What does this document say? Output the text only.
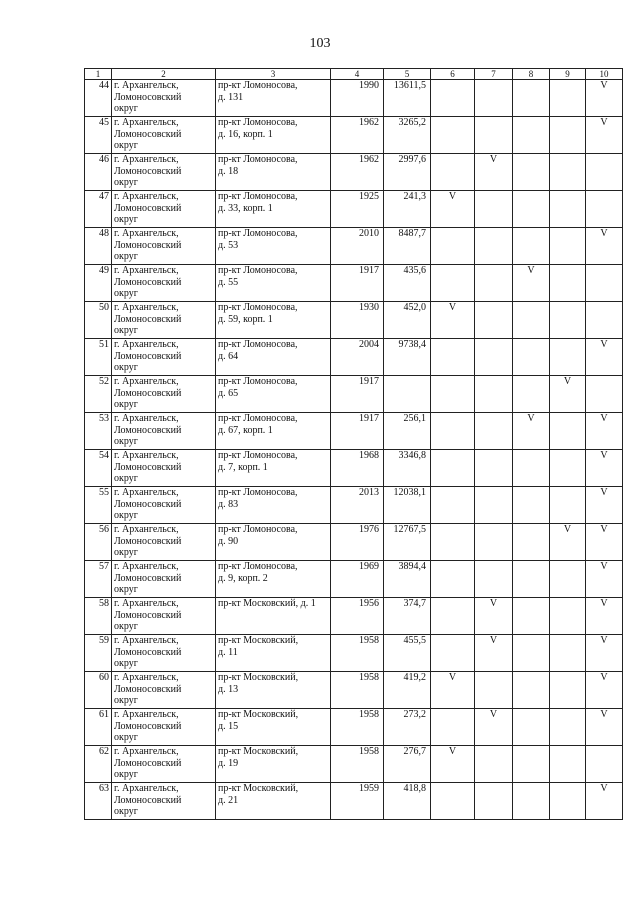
103
1	2	3	4	5	6	7	8	9	10
44	г. Архангельск,
Ломоносовский
округ	пр-кт Ломоносова,
д. 131	1990	13611,5					V
45	г. Архангельск,
Ломоносовский
округ	пр-кт Ломоносова,
д. 16, корп. 1	1962	3265,2					V
46	г. Архангельск,
Ломоносовский
округ	пр-кт Ломоносова,
д. 18	1962	2997,6		V			
47	г. Архангельск,
Ломоносовский
округ	пр-кт Ломоносова,
д. 33, корп. 1	1925	241,3	V				
48	г. Архангельск,
Ломоносовский
округ	пр-кт Ломоносова,
д. 53	2010	8487,7					V
49	г. Архангельск,
Ломоносовский
округ	пр-кт Ломоносова,
д. 55	1917	435,6			V		
50	г. Архангельск,
Ломоносовский
округ	пр-кт Ломоносова,
д. 59, корп. 1	1930	452,0	V				
51	г. Архангельск,
Ломоносовский
округ	пр-кт Ломоносова,
д. 64	2004	9738,4					V
52	г. Архангельск,
Ломоносовский
округ	пр-кт Ломоносова,
д. 65	1917					V	
53	г. Архангельск,
Ломоносовский
округ	пр-кт Ломоносова,
д. 67, корп. 1	1917	256,1			V		V
54	г. Архангельск,
Ломоносовский
округ	пр-кт Ломоносова,
д. 7, корп. 1	1968	3346,8					V
55	г. Архангельск,
Ломоносовский
округ	пр-кт Ломоносова,
д. 83	2013	12038,1					V
56	г. Архангельск,
Ломоносовский
округ	пр-кт Ломоносова,
д. 90	1976	12767,5				V	V
57	г. Архангельск,
Ломоносовский
округ	пр-кт Ломоносова,
д. 9, корп. 2	1969	3894,4					V
58	г. Архангельск,
Ломоносовский
округ	пр-кт Московский, д. 1	1956	374,7		V			V
59	г. Архангельск,
Ломоносовский
округ	пр-кт Московский,
д. 11	1958	455,5		V			V
60	г. Архангельск,
Ломоносовский
округ	пр-кт Московский,
д. 13	1958	419,2	V				V
61	г. Архангельск,
Ломоносовский
округ	пр-кт Московский,
д. 15	1958	273,2		V			V
62	г. Архангельск,
Ломоносовский
округ	пр-кт Московский,
д. 19	1958	276,7	V				
63	г. Архангельск,
Ломоносовский
округ	пр-кт Московский,
д. 21	1959	418,8					V
